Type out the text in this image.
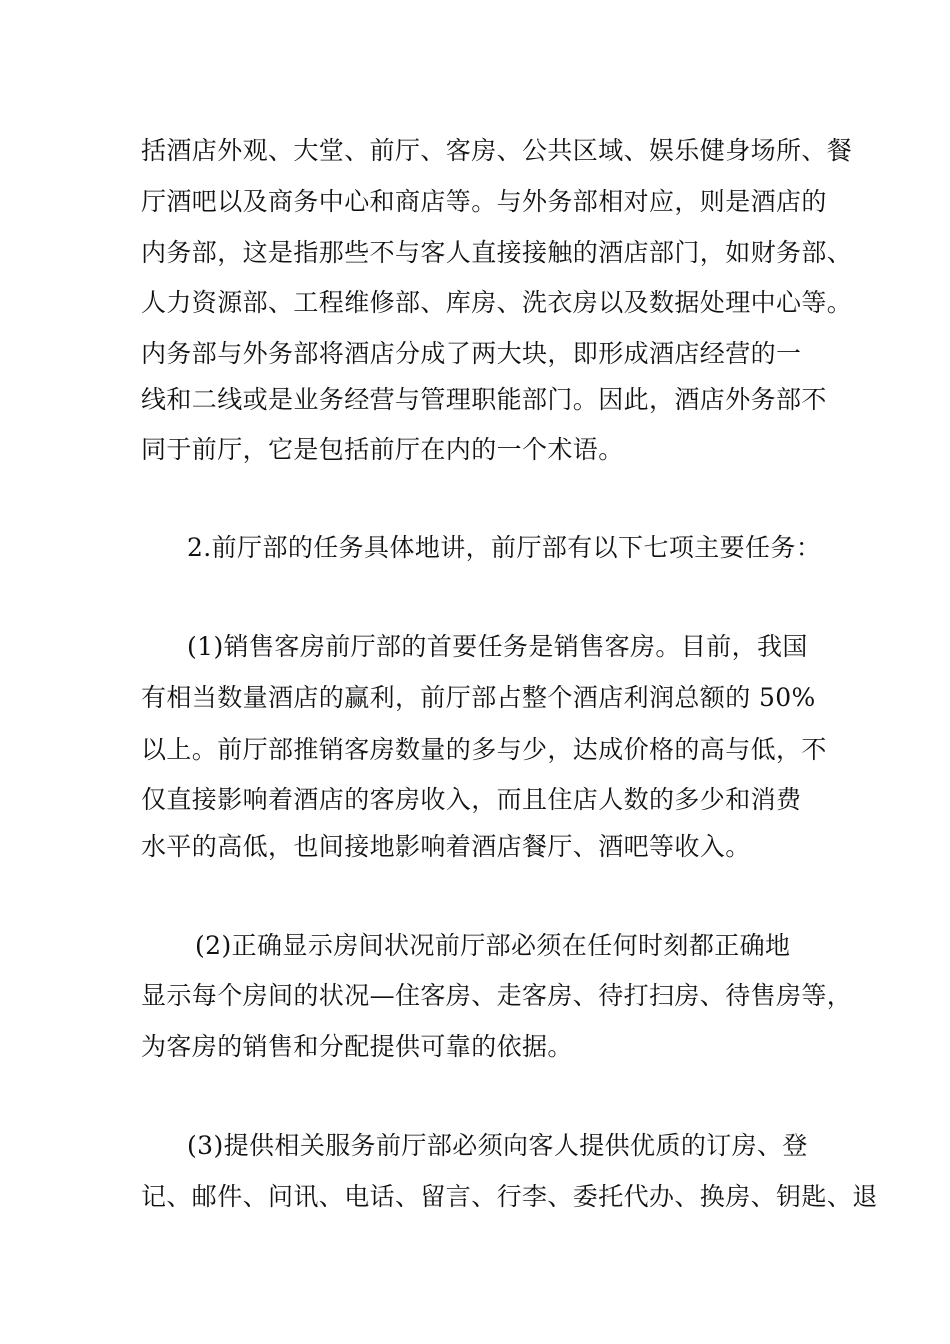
括酒店外观、大堂、前厅、客房、公共区域、娱乐健身场所、餐
厅酒吧以及商务中心和商店等。与外务部相对应，则是酒店的
内务部，这是指那些不与客人直接接触的酒店部门，如财务部、
人力资源部、工程维修部、库房、洗衣房以及数据处理中心等。
内务部与外务部将酒店分成了两大块，即形成酒店经营的一
线和二线或是业务经营与管理职能部门。因此，酒店外务部不
同于前厅，它是包括前厅在内的一个术语。
2.前厅部的任务具体地讲，前厅部有以下七项主要任务：
(1)销售客房前厅部的首要任务是销售客房。目前，我国
有相当数量酒店的赢利，前厅部占整个酒店利润总额的 50%
以上。前厅部推销客房数量的多与少，达成价格的高与低，不
仅直接影响着酒店的客房收入，而且住店人数的多少和消费
水平的高低，也间接地影响着酒店餐厅、酒吧等收入。
(2)正确显示房间状况前厅部必须在任何时刻都正确地
显示每个房间的状况—住客房、走客房、待打扫房、待售房等，
为客房的销售和分配提供可靠的依据。
(3)提供相关服务前厅部必须向客人提供优质的订房、登
记、邮件、问讯、电话、留言、行李、委托代办、换房、钥匙、退
